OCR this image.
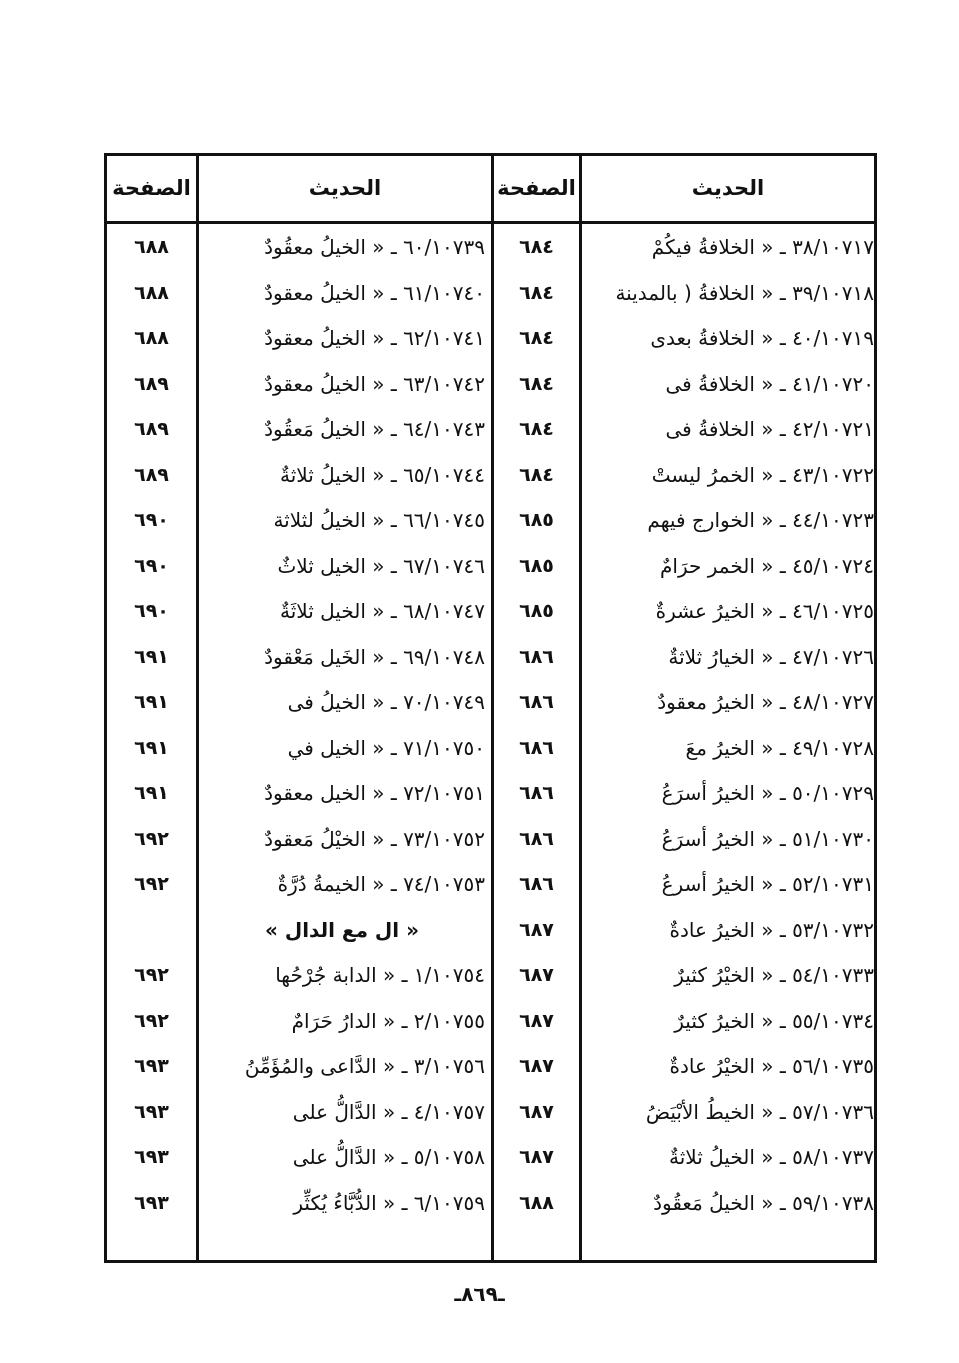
الحديث
الصفحة
الحديث
الصفحة
٣٨/١٠٧١٧ ـ « الخلافةُ فيكُمْ
٦٨٤
٣٩/١٠٧١٨ ـ « الخلافةُ ( بالمدينة
٦٨٤
٤٠/١٠٧١٩ ـ « الخلافةُ بعدى
٦٨٤
٤١/١٠٧٢٠ ـ « الخلافةُ فى
٦٨٤
٤٢/١٠٧٢١ ـ « الخلافةُ فى
٦٨٤
٤٣/١٠٧٢٢ ـ « الخمرُ ليستْ
٦٨٤
٤٤/١٠٧٢٣ ـ « الخوارج فيهم
٦٨٥
٤٥/١٠٧٢٤ ـ « الخمر حرَامٌ
٦٨٥
٤٦/١٠٧٢٥ ـ « الخيرُ عشرةٌ
٦٨٥
٤٧/١٠٧٢٦ ـ « الخيارُ ثلاثةٌ
٦٨٦
٤٨/١٠٧٢٧ ـ « الخيرُ معقودٌ
٦٨٦
٤٩/١٠٧٢٨ ـ « الخيرُ معَ
٦٨٦
٥٠/١٠٧٢٩ ـ « الخيرُ أسرَعُ
٦٨٦
٥١/١٠٧٣٠ ـ « الخيرُ أسرَعُ
٦٨٦
٥٢/١٠٧٣١ ـ « الخيرُ أسرعُ
٦٨٦
٥٣/١٠٧٣٢ ـ « الخيرُ عادةٌ
٦٨٧
٥٤/١٠٧٣٣ ـ « الخيْرُ كثيرٌ
٦٨٧
٥٥/١٠٧٣٤ ـ « الخيرُ كثيرٌ
٦٨٧
٥٦/١٠٧٣٥ ـ « الخيْرُ عادةٌ
٦٨٧
٥٧/١٠٧٣٦ ـ « الخيطُ الأبْيَضُ
٦٨٧
٥٨/١٠٧٣٧ ـ « الخيلُ ثلاثةٌ
٦٨٧
٥٩/١٠٧٣٨ ـ « الخيلُ مَعقُودٌ
٦٨٨
٦٠/١٠٧٣٩ ـ « الخيلُ معقُودٌ
٦٨٨
٦١/١٠٧٤٠ ـ « الخيلُ معقودٌ
٦٨٨
٦٢/١٠٧٤١ ـ « الخيلُ معقودٌ
٦٨٨
٦٣/١٠٧٤٢ ـ « الخيلُ معقودٌ
٦٨٩
٦٤/١٠٧٤٣ ـ « الخيلُ مَعقُودٌ
٦٨٩
٦٥/١٠٧٤٤ ـ « الخيلُ ثلاثةٌ
٦٨٩
٦٦/١٠٧٤٥ ـ « الخيلُ لثلاثة
٦٩٠
٦٧/١٠٧٤٦ ـ « الخيل ثلاثٌ
٦٩٠
٦٨/١٠٧٤٧ ـ « الخيل ثلاثَةٌ
٦٩٠
٦٩/١٠٧٤٨ ـ « الخَيل مَعْقودٌ
٦٩١
٧٠/١٠٧٤٩ ـ « الخيلُ فى
٦٩١
٧١/١٠٧٥٠ ـ « الخيل في
٦٩١
٧٢/١٠٧٥١ ـ « الخيل معقودٌ
٦٩١
٧٣/١٠٧٥٢ ـ « الخيْلُ مَعقودٌ
٦٩٢
٧٤/١٠٧٥٣ ـ « الخيمةُ دُرَّةٌ
٦٩٢
« ال مع الدال »
١/١٠٧٥٤ ـ « الدابة جُرْحُها
٦٩٢
٢/١٠٧٥٥ ـ « الدارُ حَرَامٌ
٦٩٢
٣/١٠٧٥٦ ـ « الدَّاعى والمُؤَمِّنُ
٦٩٣
٤/١٠٧٥٧ ـ « الدَّالُّ على
٦٩٣
٥/١٠٧٥٨ ـ « الدَّالُّ على
٦٩٣
٦/١٠٧٥٩ ـ « الدُّبَّاءُ يُكثِّر
٦٩٣
ـ٨٦٩ـ
